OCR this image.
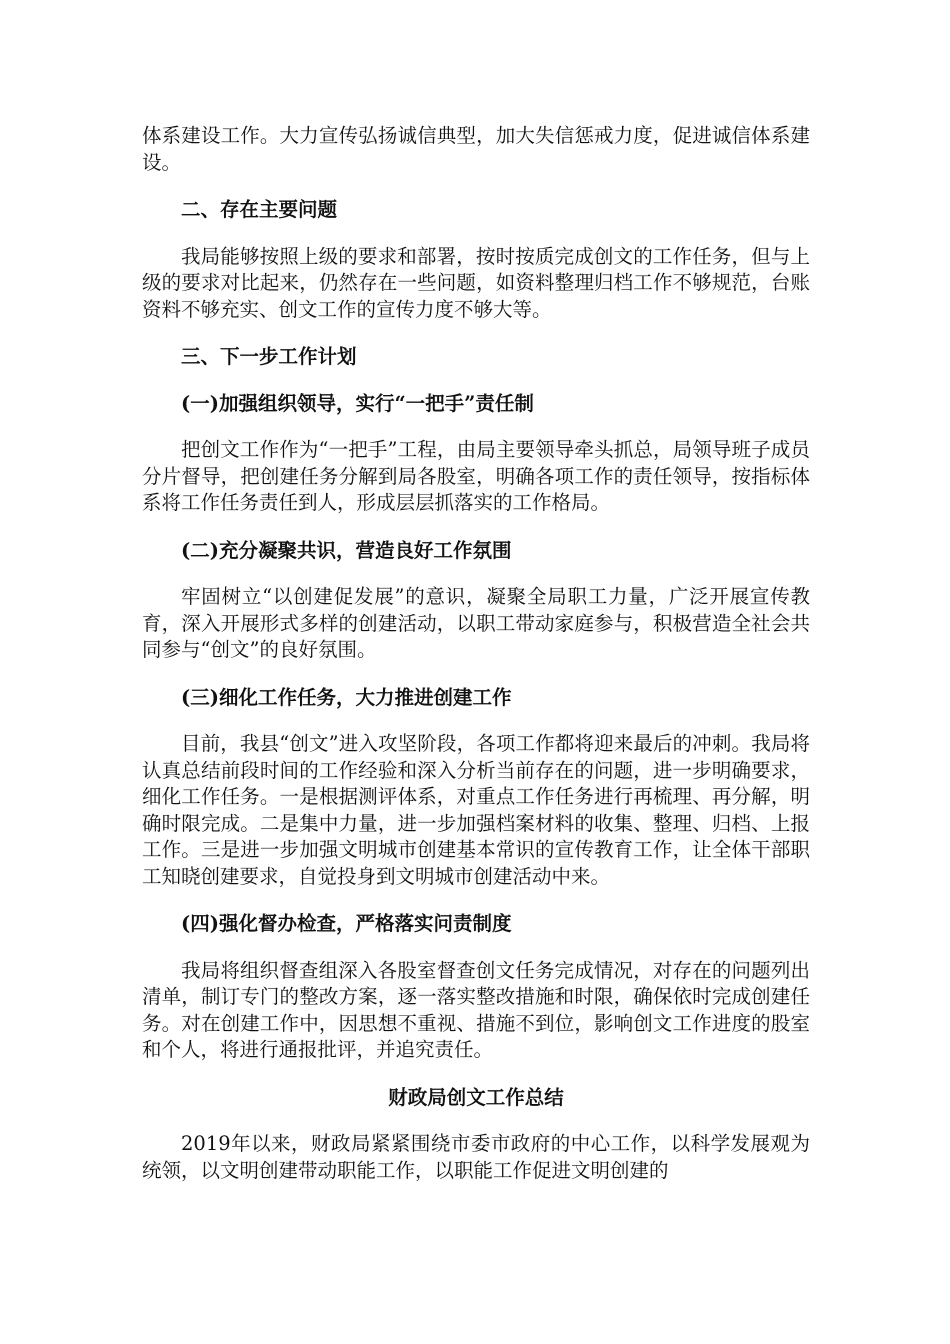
体系建设工作。大力宣传弘扬诚信典型，加大失信惩戒力度，促进诚信体系建设。

二、存在主要问题

我局能够按照上级的要求和部署，按时按质完成创文的工作任务，但与上级的要求对比起来，仍然存在一些问题，如资料整理归档工作不够规范，台账资料不够充实、创文工作的宣传力度不够大等。

三、下一步工作计划

(一)加强组织领导，实行“一把手”责任制

把创文工作作为“一把手”工程，由局主要领导牵头抓总，局领导班子成员分片督导，把创建任务分解到局各股室，明确各项工作的责任领导，按指标体系将工作任务责任到人，形成层层抓落实的工作格局。

(二)充分凝聚共识，营造良好工作氛围

牢固树立“以创建促发展”的意识，凝聚全局职工力量，广泛开展宣传教育，深入开展形式多样的创建活动，以职工带动家庭参与，积极营造全社会共同参与“创文”的良好氛围。

(三)细化工作任务，大力推进创建工作

目前，我县“创文”进入攻坚阶段，各项工作都将迎来最后的冲刺。我局将认真总结前段时间的工作经验和深入分析当前存在的问题，进一步明确要求，细化工作任务。一是根据测评体系，对重点工作任务进行再梳理、再分解，明确时限完成。二是集中力量，进一步加强档案材料的收集、整理、归档、上报工作。三是进一步加强文明城市创建基本常识的宣传教育工作，让全体干部职工知晓创建要求，自觉投身到文明城市创建活动中来。

(四)强化督办检查，严格落实问责制度

我局将组织督查组深入各股室督查创文任务完成情况，对存在的问题列出清单，制订专门的整改方案，逐一落实整改措施和时限，确保依时完成创建任务。对在创建工作中，因思想不重视、措施不到位，影响创文工作进度的股室和个人，将进行通报批评，并追究责任。

财政局创文工作总结

2019年以来，财政局紧紧围绕市委市政府的中心工作，以科学发展观为统领，以文明创建带动职能工作，以职能工作促进文明创建的
